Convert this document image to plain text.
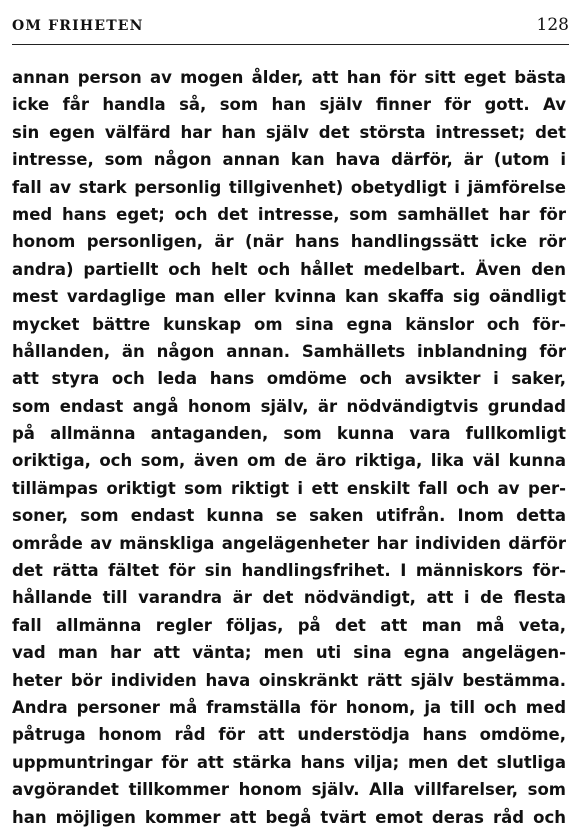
OM FRIHETEN	128
annan person av mogen ålder, att han för sitt eget bästa
icke får handla så, som han själv finner för gott. Av
sin egen välfärd har han själv det största intresset; det
intresse, som någon annan kan hava därför, är (utom i
fall av stark personlig tillgivenhet) obetydligt i jämförelse
med hans eget; och det intresse, som samhället har för
honom personligen, är (när hans handlingssätt icke rör
andra) partiellt och helt och hållet medelbart. Även den
mest vardaglige man eller kvinna kan skaffa sig oändligt
mycket bättre kunskap om sina egna känslor och för-
hållanden, än någon annan. Samhällets inblandning för
att styra och leda hans omdöme och avsikter i saker,
som endast angå honom själv, är nödvändigtvis grundad
på allmänna antaganden, som kunna vara fullkomligt
oriktiga, och som, även om de äro riktiga, lika väl kunna
tillämpas oriktigt som riktigt i ett enskilt fall och av per-
soner, som endast kunna se saken utifrån. Inom detta
område av mänskliga angelägenheter har individen därför
det rätta fältet för sin handlingsfrihet. I människors för-
hållande till varandra är det nödvändigt, att i de flesta
fall allmänna regler följas, på det att man må veta,
vad man har att vänta; men uti sina egna angelägen-
heter bör individen hava oinskränkt rätt själv bestämma.
Andra personer må framställa för honom, ja till och med
påtruga honom råd för att understödja hans omdöme,
uppmuntringar för att stärka hans vilja; men det slutliga
avgörandet tillkommer honom själv. Alla villfarelser, som
han möjligen kommer att begå tvärt emot deras råd och
